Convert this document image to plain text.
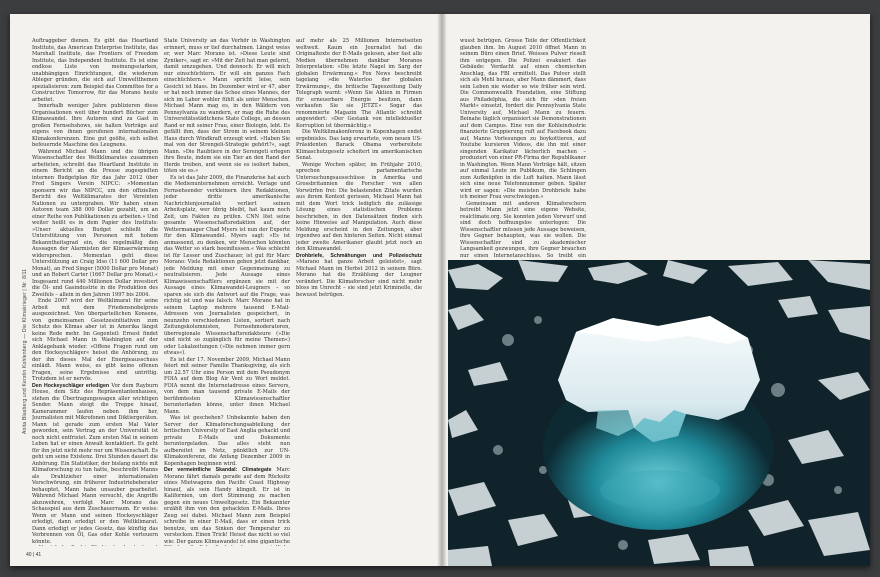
Anita Blasberg und Kerstin Kohlenberg — Die Klimakrieger | Nr. 8/11

Auftraggeber dienen. Es gibt das Heartland Institute, das American Enterprise Institute, das Marshall Institute, das Frontiers of Freedom Institute, das Independent Institute. Es ist eine endlose Liste von meinungsstarken, unabhängigen Einrichtungen, die wiederum Ableger gründen, die sich auf Umweltthemen spezialisieren: zum Beispiel das Committee for a Constructive Tomorrow, für das Morano heute arbeitet.

Innerhalb weniger Jahre publizieren diese Organisationen weit über hundert Bücher zum Klimawandel. Ihre Autoren sind zu Gast in großen Fernsehshows, sie halten Vorträge auf eigens von ihnen gerufenen internationalen Klimakonferenzen. Eine gut geölte, sich selbst befeuernde Maschine des Leugnens.

Während Michael Mann und die übrigen Wissenschaftler des Weltklimarates zusammen arbeiteten, schreibt das Heartland Institute in einem Bericht an die Presse zugespielten internen Budgetplan für das Jahr 2012 über Fred Singers Verein NIPCC: »Momentan sponsern wir das NIPCC, um den offiziellen Bericht des Weltklimarates der Vereinten Nationen zu untergraben. Wir haben einen Autoren team 388 000 Dollar gezahlt, um an einer Reihe von Publikationen zu arbeiten.« Und weiter heißt es in dem Papier des Instituts: »Unser aktuelles Budget schließt die Unterstützung von Personen mit hohem Bekanntheitsgrad ein, die regelmäßig den Aussagen der Alarmisten der Klimaerwärmung widersprechen. Momentan geht diese Unterstützung an Craig Idso (11 600 Dollar pro Monat), an Fred Singer (5000 Dollar pro Monat) und an Robert Carter (1667 Dollar pro Monat).« Insgesamt rund 440 Millionen Dollar investiert die Öl- und Gasindustrie in die Produktion des Zweifels – allein in den Jahren 1997 bis 2004.

Ende 2007 wird der Weltklimarat für seine Arbeit mit dem Friedensnobelpreis ausgezeichnet. Von überparteilichen Konsens, von gemeinsamen Gesetzesinitiativen zum Schutz des Klimas aber ist in Amerika längst keine Rede mehr. Im Gegenteil: Ernest findet sich Michael Mann in Washington auf der Anklagebank wieder. »Offene Fragen rund um den Hockeyschläger« heisst die Anhörung, zu der ihn dieses Mal der Energieausschuss einlädt. Mann weiss, es gibt keine offenen Fragen, seine Ergebnisse sind untrittig. Trotzdem ist er nervös.

Den Hockeyschläger erledigen Vor dem Rayburn House, dem Sitz des Repräsentantenhauses, stehen die Übertragungswagen aller wichtigen Sender. Mann steigt die Treppe hinauf, Kamerammer laufen neben ihm her, Journalisten mit Mikrofonen und Diktiergeräten. Mann ist gerade zum ersten Mal Vater geworden, sein Vertrag an der Universität ist noch nicht entfristet. Zum ersten Mal in seinem Leben hat er einen Anwalt kontaktiert. Es geht für ihn jetzt nicht mehr nur um Wissenschaft. Es geht um seine Existenz. Drei Stunden dauert die Anhörung. Ein Statistiker, der bislang nichts mit Klimaforschung zu tun hatte, beschreibt Manns als Drahtzieher einer internationalen Verschwörung, ein früherer Industriebeberater behauptet, Mann habe unsauber gearbeitet. Während Michael Mann versucht, die Angriffe abzuwehren, verfolgt Marc Morano das Schauspiel aus dem Zuschauerraum. Er weiss: Wenn er Mann und seinen Hockeyschläger erledigt, dann erledigt er den Weltklimarat. Dann erledigt er jedes Gesetz, das künftig das Verbrennen von Öl, Gas oder Kohle verteuern könnte.

State University an das Verhör in Washington erinnert, muss er tief durchatmen. Längst weiss er, wer Marc Morano ist. »Diese Leute sind Zyniker«, sagt er. »Mit der Zeit hat man gelernt, damit umzugehen. Und dennoch: Er will mich nur einschüchtern. Er will ein ganzes Fach einschüchtern.« Mann spricht leise, sein Gesicht ist blass. Im Dezember wird er 47, aber er hat noch immer das Schee eines Mannes, der sich im Labor wohler fühlt als unter Menschen. Michael Mann mag es, in den Wäldern von Pennsylvania zu wandern, er mag die Ruhe des Universitätsstädtchens State College, an dessen Rand er mit seiner Frau, einer Biologin, lebt. Es gefällt ihm, dass der Strom in seinem kleinen Haus durch Windkraft erzeugt wird. »Haben Sie mal von der Strengeli-Strategie gehört?«, sagt Mann. »Die Raubtiere in der Serengeti erlegen ihre Beute, indem sie ein Tier an den Rand der Herde treiben, und wenn sie es isoliert haben, töten sie es.«

Es ist das Jahr 2009, die Finanzkrise hat auch die Medienunternehmen erreicht. Verlage und Fernsehsender verkleinern ihre Redaktionen, jeder dritte amerikanische Nachrichtenjournalist verliert seinen Arbeitsplatz, wer übrig bleibt, hat kaum noch Zeit, um Fakten zu prüfen. CNN löst seine gesamte Wissenschaftsredaktion auf, der Wettermanager Chad Myers ist nun der Experte für den Klimawandel. Myers sagt: »Es ist anmassend, zu denken, wir Menschen könnten das Wetter so stark beeinflussen.« Was schlecht ist für Lesser und Zuschauer, ist gut für Marc Morano: Viele Redaktionen geben jetzt dankbar, jede Meldung mit einer Gegenmeinung zu neutralisieren. Jede Aussage eines Klimawissenschaftlers ergänzen sie mit der Aussage eines Klimawandel-Leugners – so sparen sie sich die Antwort auf die Frage, was richtig ist und was falsch. Marc Morano hat in seinem Laptop mehrere tausend E-Mail-Adressen von Journalisten gespeichert, in neunzehn verschiedenen Listen, sortiert nach Zeitungskolumnisten, Fernsehmoderatoren, überregionale Wissenschaftsredakteure (»Die sind nicht so zugänglich für meine Themen«) oder Lokalzeitungen (»Die nehmen immer gern etwas«).

Es ist der 17. November 2009, Michael Mann feiert mit seiner Familie Thanksgiving, als sich um 22.57 Uhr eine Person mit dem Pseudonym FOIA auf dem Blog Air Vent zu Wort meldet. FOIA nennt die Internetadresse eines Servers, von dem man tausend private E-Mails der berühmtesten Klimawissenschaftler herunterladen könne, unter ihnen Michael Mann.

Was ist geschehen? Unbekannte haben den Server der Klimaforschungsabteilung der britischen University of East Anglia gehackt und private E-Mails und Dokumente heruntergeladen. Das alles steht nun aufbereitet im Netz, pünktlich zur UN-Klimakonferenz, die Anfang Dezember 2009 in Kopenhagen beginnen wird.

Der vermeintliche Skandal: Climategate Marc Morano fährt damals gerade auf dem Rücksitz eines Mietwagens den Pacific Coast Highway hinauf, als sein Handy klingelt. Er ist in Kalifornien, um dort Stimmung zu machen gegen ein neues Umweltgesetz. Ein Bekannter erzählt ihm von den gehackten E-Mails. Ihres Zeug sei dabei. Michael Mann zum Beispiel schreibe in einer E-Mail, dass er einen trick benutze, um das Sinken der Temperatur zu verstecken. Einen Trick! Heisst das nicht so viel wie: Der ganze Klimawandel ist eine gigantische

auf mehr als 25 Millionen Internetseiten weltweit. Kaum ein Journalist hat die Originaltexte der E-Mails gelesen, aber fast alle Medien übernehmen dankbar Moranos Interpretation: »Die letzte Nagel im Sarg der globalen Erwärmung.« Fox News beschreibt tagelang »die Waterloo der globalen Erwärmung«, die britische Tageszeitung Daily Telegraph warnt: »Wenn Sie Aktien in Firmen für erneuerbare Energie besitzen, dann verkaufen Sie sie JETZT.« Sogar das renommierte Magazin The Atlantic schreibt angewidert: »Der Gestank von intellektueller Korruption ist übermächtig.«

Die Weltklimakonferenz in Kopenhagen endet ergebnislos. Das lang erwartete, vom neuen US-Präsidenten Barack Obama vorbereitete Klimaschutzgesetz scheitert im amerikanischen Senat.

Wenige Wochen später, im Frühjahr 2010, sprechen parlamentarische Untersuchungsausschüsse in Amerika und Grossbritannien die Forscher von allen Vorwürfen frei: Die belastenden Zitate wurden aus ihrem Kontext gerissen, Michael Mann hat mit dem Wort trick lediglich die zulässige Lösung eines statistischen Problems beschrieben, in den Datensätzen finden sich keine Hinweise auf Manipulation. Auch diese Meldung erscheint in den Zeitungen, aber irgendwo auf den hinteren Seiten. Nicht einmal jeder zweite Amerikaner glaubt jetzt noch an den Klimawandel.

Drohbriefe, Schmähungen und Polizeischutz »Marano hat ganze Arbeit geleistet«, sagt Michael Mann im Herbst 2012 in seinem Büro. Morano hat die Erzählung der Leugner verändert. Die Klimaforscher sind nicht mehr bloss im Unrecht – sie sind jetzt Kriminelle, die bewusst betrügen.

wusst betrügen. Grosse Teile der Öffentlichkeit glauben ihm. Im August 2010 öffnet Mann in seinem Büro einen Brief. Weisses Pulver rieselt ihm entgegen. Die Polizei evakuiert das Gebäude: Verdacht auf einen chemischen Anschlag, das FBI ermittelt. Das Pulver stellt sich als Mehl heraus, aber Mann dämmert, dass sein Leben nie wieder so wie früher sein wird. Die Commonwealth Foundation, eine Stiftung aus Philadelphia, die sich für »den freien Markt« einsetzt, fordert die Pennsylvania State University auf, Michael Mann zu feuern. Beinahe täglich organisiert sie Demonstrationen auf dem Campus. Eine von der Kohleindustrie finanzierte Gruppierung ruft auf Facebook dazu auf, Manns Vorlesungen zu boykottieren, auf Youtube kursieren Videos, die ihn mit einer singenden Karikatur lächerlich machen – produziert von einer PR-Firma der Republikaner in Washington. Wenn Mann Vorträge hält, sitzen auf einmal Leute im Publikum, die Schlingen zum Aufknüpfen in die Luft halten. Mann lässt sich eine neue Telefonnummer geben. Später wird er sagen: »Die meisten Drohbriefe habe ich meiner Frau verschwiegen.«

Gemeinsam mit anderen Klimaforschern betreibt Mann jetzt eine eigene Website, realclimate.org. Sie konnten jeden Vorwurf und sind doch hoffnungslos unterlegen: Die Wissenschaftler müssen jede Aussage beweisen, ihre Gegner behaupten, was sie wollen. Die Wissenschaftler sind zu akademischer Langsamkeit gezwungen, ihre Gegner brauchen nur einen Internetanschluss. So treibt ein

40 | 41
